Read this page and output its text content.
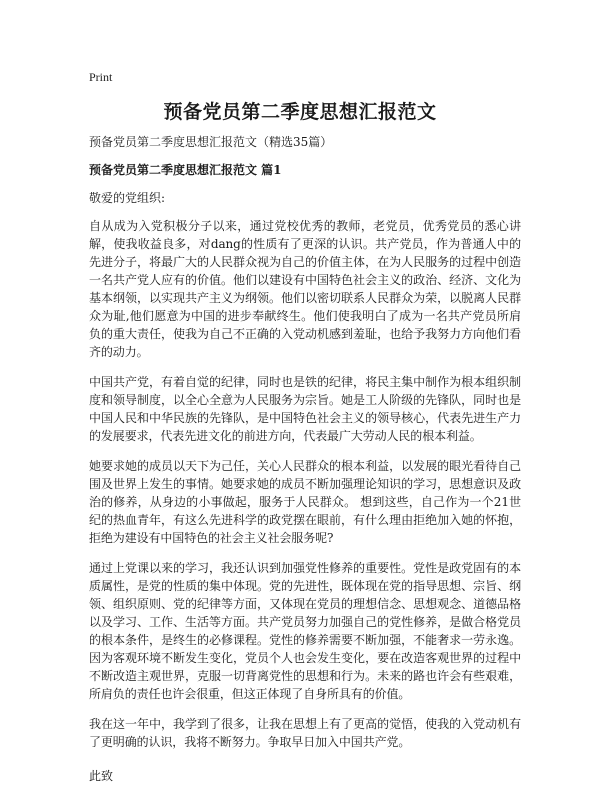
Print
预备党员第二季度思想汇报范文

预备党员第二季度思想汇报范文（精选35篇）

预备党员第二季度思想汇报范文 篇1

敬爱的党组织:

自从成为入党积极分子以来，通过党校优秀的教师，老党员，优秀党员的悉心讲解，使我收益良多，对dang的性质有了更深的认识。共产党员，作为普通人中的先进分子，将最广大的人民群众视为自己的价值主体，在为人民服务的过程中创造一名共产党人应有的价值。他们以建设有中国特色社会主义的政治、经济、文化为基本纲领，以实现共产主义为纲领。他们以密切联系人民群众为荣，以脱离人民群众为耻,他们愿意为中国的进步奉献终生。他们使我明白了成为一名共产党员所肩负的重大责任，使我为自己不正确的入党动机感到羞耻，也给予我努力方向他们看齐的动力。

中国共产党，有着自觉的纪律，同时也是铁的纪律，将民主集中制作为根本组织制度和领导制度，以全心全意为人民服务为宗旨。她是工人阶级的先锋队，同时也是中国人民和中华民族的先锋队，是中国特色社会主义的领导核心，代表先进生产力的发展要求，代表先进文化的前进方向，代表最广大劳动人民的根本利益。

她要求她的成员以天下为己任，关心人民群众的根本利益，以发展的眼光看待自己围及世界上发生的事情。她要求她的成员不断加强理论知识的学习，思想意识及政治的修养，从身边的小事做起，服务于人民群众。 想到这些，自己作为一个21世纪的热血青年，有这么先进科学的政党摆在眼前，有什么理由拒绝加入她的怀抱，拒绝为建设有中国特色的社会主义社会服务呢?

通过上党课以来的学习，我还认识到加强党性修养的重要性。党性是政党固有的本质属性，是党的性质的集中体现。党的先进性，既体现在党的指导思想、宗旨、纲领、组织原则、党的纪律等方面，又体现在党员的理想信念、思想观念、道德品格以及学习、工作、生活等方面。共产党员努力加强自己的党性修养，是做合格党员的根本条件，是终生的必修课程。党性的修养需要不断加强，不能奢求一劳永逸。因为客观环境不断发生变化，党员个人也会发生变化，要在改造客观世界的过程中不断改造主观世界，克服一切背离党性的思想和行为。未来的路也许会有些艰难，所肩负的责任也许会很重，但这正体现了自身所具有的价值。

我在这一年中，我学到了很多，让我在思想上有了更高的觉悟，使我的入党动机有了更明确的认识，我将不断努力。争取早日加入中国共产党。

此致
